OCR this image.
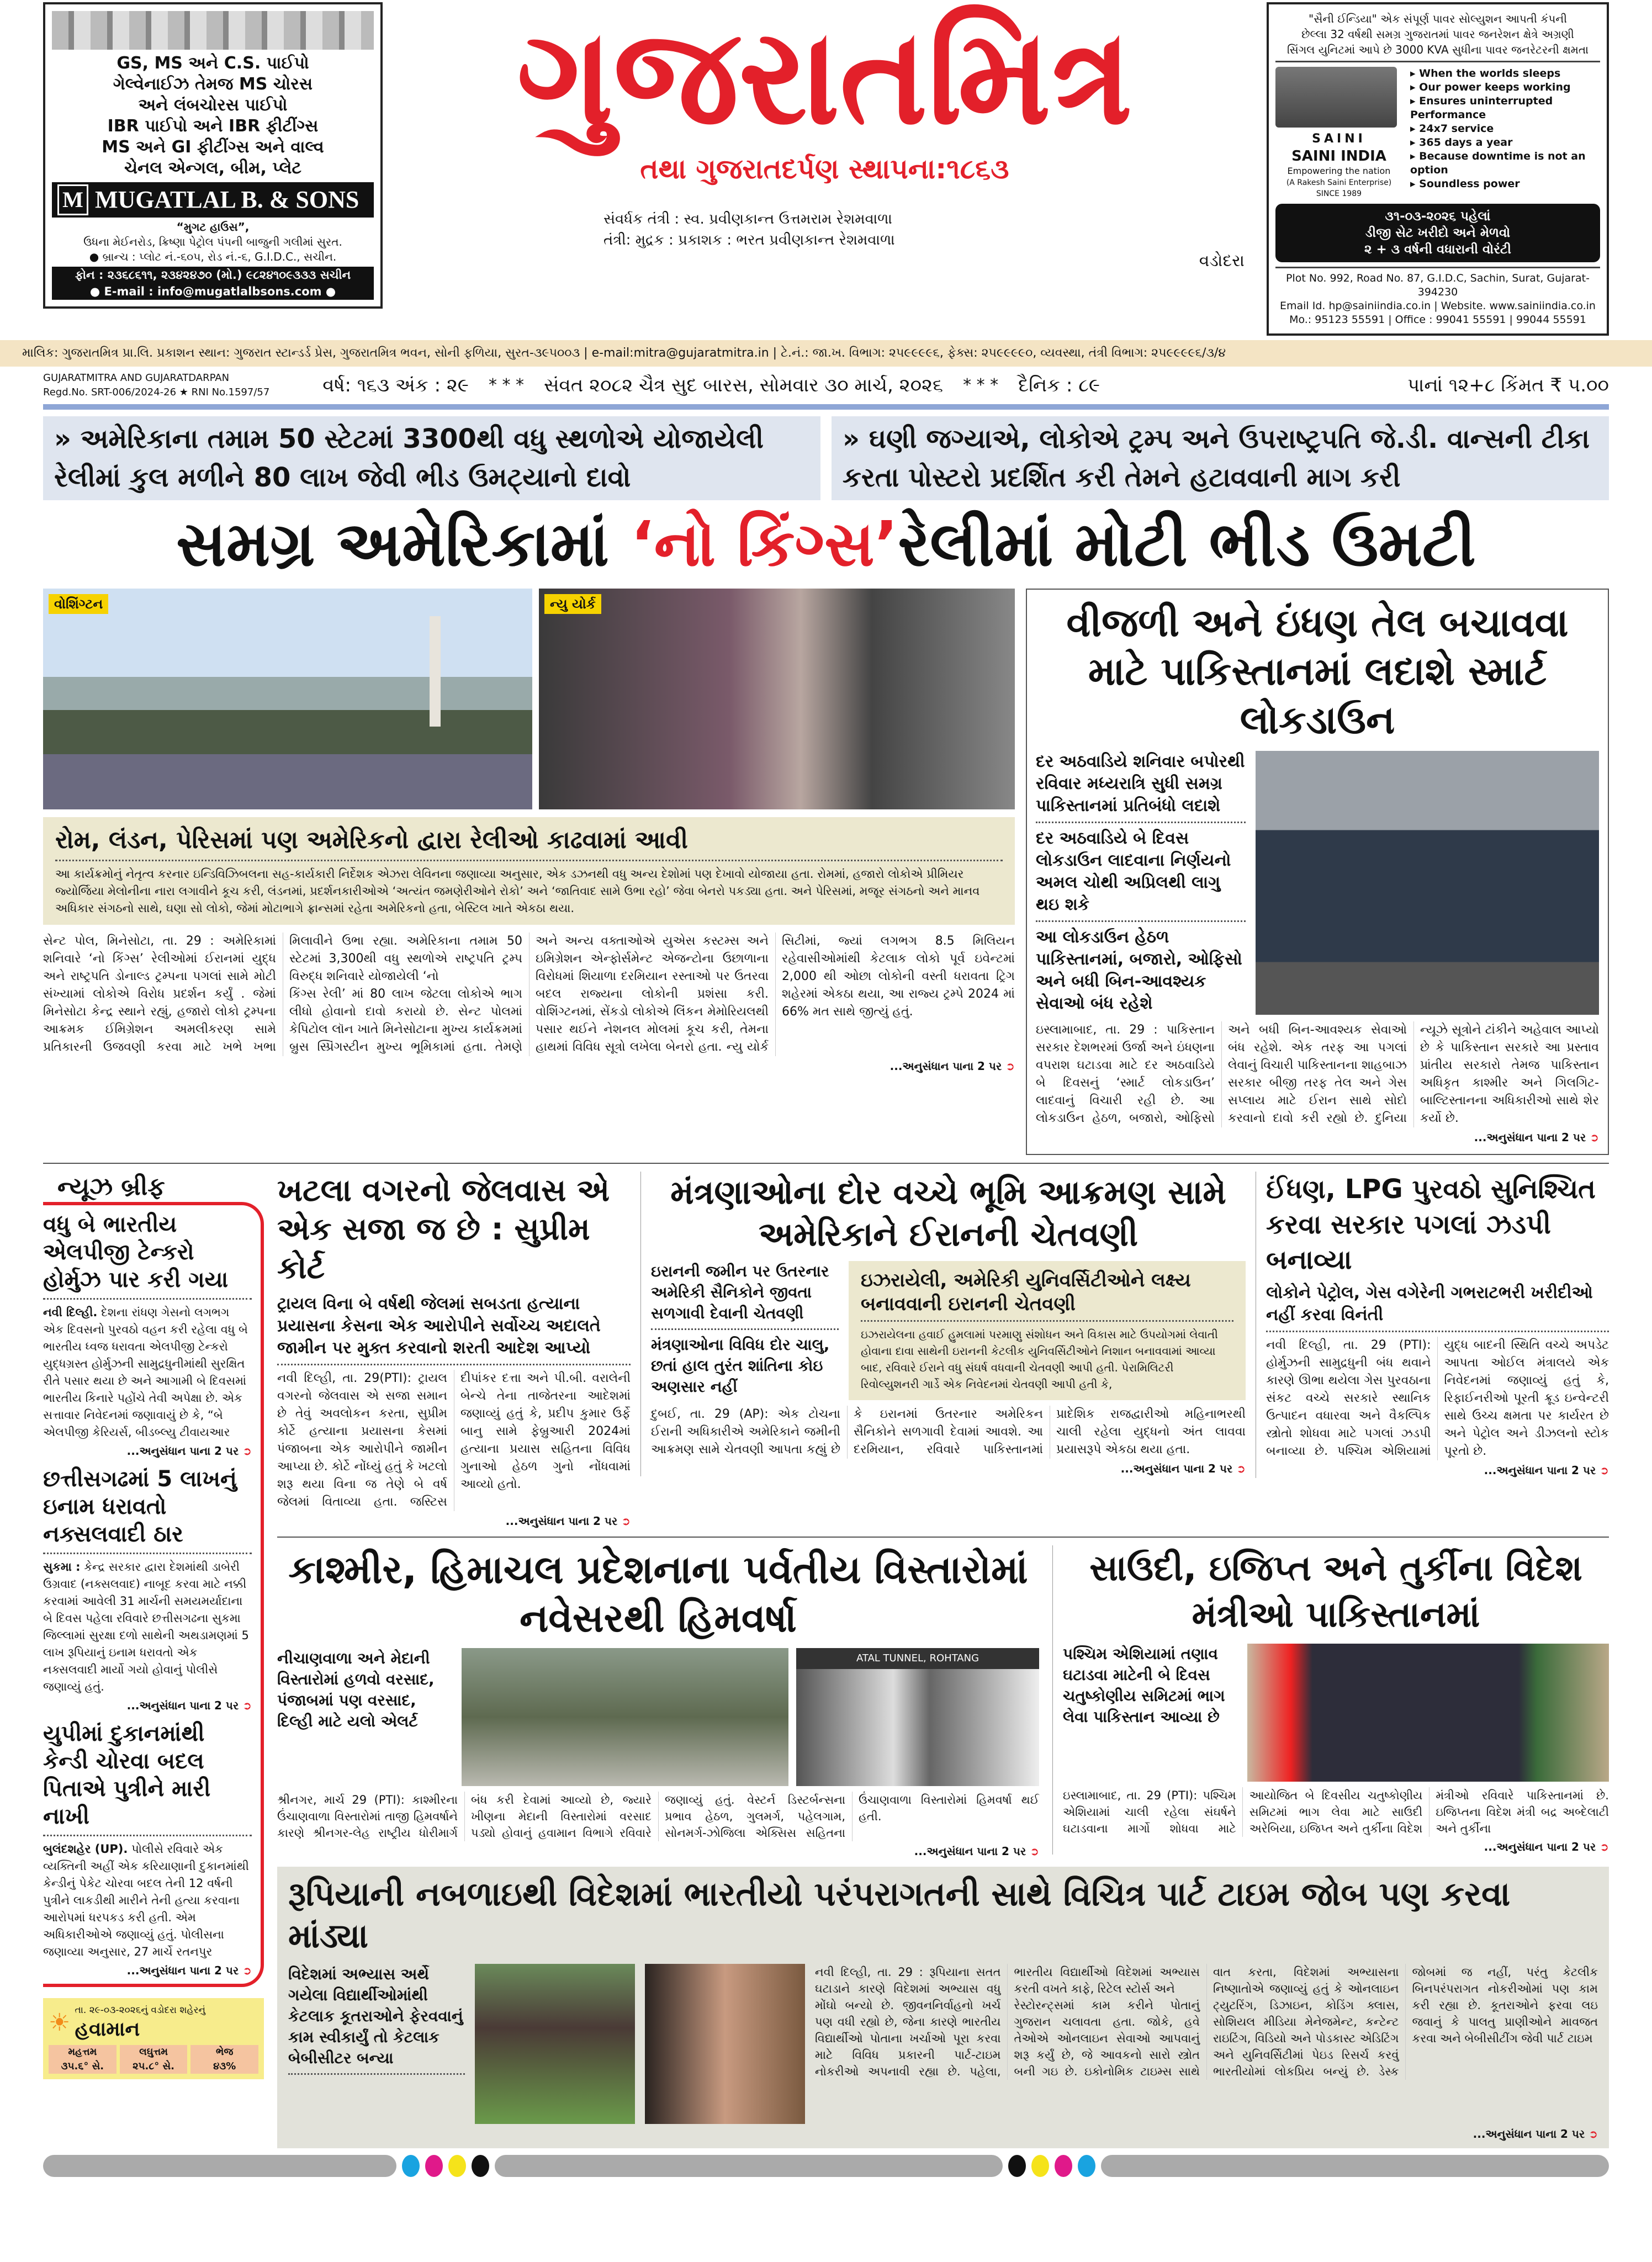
GS, MS અને C.S. પાઈપો
ગેલ્વેનાઈઝ તેમજ MS ચોરસ
અને લંબચોરસ પાઈપો
IBR પાઈપો અને IBR ફીટીંગ્સ
MS અને GI ફીટીંગ્સ અને વાલ્વ
ચેનલ એન્ગલ, બીમ, પ્લેટ
M MUGATLAL B. & SONS
“મુગટ હાઉસ”,
ઉધના મેઈનરોડ, ક્રિષ્ણા પેટ્રોલ પંપની બાજુની ગલીમાં સુરત.
● બ્રાન્ચ : પ્લોટ નં.-૬૦૫, રોડ નં.-૬, G.I.D.C., સચીન.
ફોન : ૨૩૬૮૬૧૧, ૨૩૪૨૪૭૦ (મો.) ૯૮૨૪૧૦૯૩૩૩ સચીન
● E-mail : info@mugatlalbsons.com ●
ગુજરાતમિત્ર
તથા ગુજરાતદર્પણ સ્થાપના:૧૮૬૩
સંવર્ધક તંત્રી : સ્વ. પ્રવીણકાન્ત ઉત્તમરામ રેશમવાળા
તંત્રી: મુદ્રક : પ્રકાશક : ભરત પ્રવીણકાન્ત રેશમવાળા
વડોદરા
"સૈની ઈન્ડિયા" એક સંપૂર્ણ પાવર સોલ્યુશન આપતી કંપની
છેલ્લા 32 વર્ષથી સમગ્ર ગુજરાતમાં પાવર જનરેશન ક્ષેત્રે અગ્રણી
સિંગલ યુનિટમાં આપે છે 3000 KVA સુધીના પાવર જનરેટરની ક્ષમતા
SAINI
SAINI INDIA
Empowering the nation
(A Rakesh Saini Enterprise)
SINCE 1989
▸ When the worlds sleeps
▸ Our power keeps working
▸ Ensures uninterrupted Performance
▸ 24x7 service
▸ 365 days a year
▸ Because downtime is not an option
▸ Soundless power
૩૧-૦૩-૨૦૨૬ પહેલાં
ડીજી સેટ ખરીદો અને મેળવો
૨ + ૩ વર્ષની વધારાની વોરંટી
Plot No. 992, Road No. 87, G.I.D.C, Sachin, Surat, Gujarat-394230
Email Id. hp@sainiindia.co.in | Website. www.sainiindia.co.in
Mo.: 95123 55591 | Office : 99041 55591 | 99044 55591
માલિક: ગુજરાતમિત્ર પ્રા.લિ. પ્રકાશન સ્થાન: ગુજરાત સ્ટાન્ડર્ડ પ્રેસ, ગુજરાતમિત્ર ભવન, સોની ફળિયા, સુરત-૩૯૫૦૦૩ | e-mail:mitra@gujaratmitra.in | ટે.નં.: જા.ખ. વિભાગ: ૨૫૯૯૯૯૬, ફેક્સ: ૨૫૯૯૯૯૦, વ્યવસ્થા, તંત્રી વિભાગ: ૨૫૯૯૯૯૬/૩/૪
GUJARATMITRA AND GUJARATDARPAN
Regd.No. SRT-006/2024-26 ★ RNI No.1597/57	વર્ષ: ૧૬૩ અંક : ૨૯ * * * સંવત ૨૦૮૨ ચૈત્ર સુદ બારસ, સોમવાર ૩૦ માર્ચ, ૨૦૨૬ * * * દૈનિક : ૮૯	પાનાં ૧૨+૮ કિંમત ₹ ૫.૦૦
» અમેરિકાના તમામ 50 સ્ટેટમાં 3300થી વધુ સ્થળોએ યોજાયેલી રેલીમાં કુલ મળીને 80 લાખ જેવી ભીડ ઉમટ્યાનો દાવો
» ઘણી જગ્યાએ, લોકોએ ટ્રમ્પ અને ઉપરાષ્ટ્રપતિ જે.ડી. વાન્સની ટીકા કરતા પોસ્ટરો પ્રદર્શિત કરી તેમને હટાવવાની માગ કરી
સમગ્ર અમેરિકામાં ‘નો કિંગ્સ’રેલીમાં મોટી ભીડ ઉમટી
વોશિંગ્ટન	ન્યુ યોર્ક
રોમ, લંડન, પેરિસમાં પણ અમેરિકનો દ્વારા રેલીઓ કાઢવામાં આવી
આ કાર્યક્રમોનું નેતૃત્વ કરનાર ઇન્ડિવિઝિબલના સહ-કાર્યકારી નિર્દેશક એઝરા લેવિનના જણાવ્યા અનુસાર, એક ડઝનથી વધુ અન્ય દેશોમાં પણ દેખાવો યોજાયા હતા. રોમમાં, હજારો લોકોએ પ્રીમિયર જ્યોર્જિયા મેલોનીના નારા લગાવીને કૂચ કરી, લંડનમાં, પ્રદર્શનકારીઓએ ‘અત્યંત જમણેરીઓને રોકો’ અને ‘જાતિવાદ સામે ઉભા રહો’ જેવા બેનરો પકડ્યા હતા. અને પેરિસમાં, મજૂર સંગઠનો અને માનવ અધિકાર સંગઠનો સાથે, ઘણા સો લોકો, જેમાં મોટાભાગે ફ્રાન્સમાં રહેતા અમેરિકનો હતા, બેસ્ટિલ ખાતે એકઠા થયા.
સેન્ટ પોલ, મિનેસોટા, તા. 29 : અમેરિકામાં શનિવારે ‘નો કિંગ્સ’ રેલીઓમાં ઈરાનમાં યુદ્ધ અને રાષ્ટ્રપતિ ડોનાલ્ડ ટ્રમ્પના પગલાં સામે મોટી સંખ્યામાં લોકોએ વિરોધ પ્રદર્શન કર્યું . જેમાં મિનેસોટા કેન્દ્ર સ્થાને રહ્યું, હજારો લોકો ટ્રમ્પના આક્રમક ઈમિગ્રેશન અમલીકરણ સામે પ્રતિકારની ઉજવણી કરવા માટે ખભે ખભા મિલાવીને ઉભા રહ્યા. અમેરિકાના તમામ 50 સ્ટેટમાં 3,300થી વધુ સ્થળોએ રાષ્ટ્રપતિ ટ્રમ્પ વિરુદ્ધ શનિવારે યોજાયેલી ‘નો
કિંગ્સ રેલી’ માં 80 લાખ જેટલા લોકોએ ભાગ લીધો હોવાનો દાવો કરાયો છે. સેન્ટ પોલમાં કેપિટોલ લૉન ખાતે મિનેસોટાના મુખ્ય કાર્યક્રમમાં બ્રુસ સ્પ્રિંગસ્ટીન મુખ્ય ભૂમિકામાં હતા. તેમણે અને અન્ય વક્તાઓએ યુએસ કસ્ટમ્સ અને ઇમિગ્રેશન એન્ફોર્સમેન્ટ એજન્ટોના ઉછાળાના વિરોધમાં શિયાળા દરમિયાન રસ્તાઓ પર ઉતરવા બદલ રાજ્યના લોકોની પ્રશંસા કરી. વોશિંગ્ટનમાં, સેંકડો લોકોએ લિંકન મેમોરિયલથી પસાર થઈને નેશનલ મોલમાં કૂચ કરી, તેમના હાથમાં વિવિધ સૂત્રો લખેલા બેનરો હતા. ન્યુ યોર્ક સિટીમાં, જ્યાં લગભગ 8.5 મિલિયન રહેવાસીઓમાંથી કેટલાક લોકો પૂર્વ ઇવેન્ટમાં 2,000 થી ઓછા લોકોની વસ્તી ધરાવતા ટ્રિગ શહેરમાં એકઠા થયા, આ રાજ્ય ટ્રમ્પે 2024 માં 66% મત સાથે જીત્યું હતું.
...અનુસંધાન પાના 2 પર ➲
વીજળી અને ઇંધણ તેલ બચાવવા માટે પાકિસ્તાનમાં લદાશે સ્માર્ટ લોકડાઉન
દર અઠવાડિયે શનિવાર બપોરથી રવિવાર મધ્યરાત્રિ સુધી સમગ્ર પાકિસ્તાનમાં પ્રતિબંધો લદાશે
દર અઠવાડિયે બે દિવસ લોકડાઉન લાદવાના નિર્ણયનો અમલ ચોથી અપ્રિલથી લાગુ થઇ શકે
આ લોકડાઉન હેઠળ પાકિસ્તાનમાં, બજારો, ઓફિસો અને બધી બિન-આવશ્યક સેવાઓ બંધ રહેશે
ઇસ્લામાબાદ, તા. 29 : પાકિસ્તાન સરકાર દેશભરમાં ઉર્જા અને ઇંધણના વપરાશ ઘટાડવા માટે દર અઠવાડિયે બે દિવસનું ‘સ્માર્ટ લોકડાઉન’ લાદવાનું વિચારી રહી છે. આ લોકડાઉન હેઠળ, બજારો, ઓફિસો અને બધી બિન-આવશ્યક સેવાઓ બંધ રહેશે. એક તરફ આ પગલાં લેવાનું વિચારી પાકિસ્તાનના શાહબાઝ સરકાર બીજી તરફ તેલ અને ગેસ સપ્લાય માટે ઈરાન સાથે સોદો કરવાનો દાવો કરી રહ્યો છે. દુનિયા ન્યૂઝે સૂત્રોને ટાંકીને અહેવાલ આપ્યો છે કે પાકિસ્તાન સરકારે આ પ્રસ્તાવ પ્રાંતીય સરકારો તેમજ પાકિસ્તાન અધિકૃત કાશ્મીર અને ગિલગિટ-બાલ્ટિસ્તાનના અધિકારીઓ સાથે શેર કર્યો છે.
...અનુસંધાન પાના 2 પર ➲
ન્યૂઝ બ્રીફ
વધુ બે ભારતીય એલપીજી ટેન્કરો હોર્મુઝ પાર કરી ગયા
નવી દિલ્હી. દેશના રાંધણ ગેસનો લગભગ એક દિવસનો પુરવઠો વહન કરી રહેલા વધુ બે ભારતીય ધ્વજ ધરાવતા એલપીજી ટેન્કરો યુદ્ધગ્રસ્ત હોર્મુઝની સામુદ્રધુનીમાંથી સુરક્ષિત રીતે પસાર થયા છે અને આગામી બે દિવસમાં ભારતીય કિનારે પહોંચે તેવી અપેક્ષા છે. એક સત્તાવાર નિવેદનમાં જણાવાયું છે કે, “બે એલપીજી કેરિયર્સ, બીડબ્લ્યુ ટીવાયઆર
...અનુસંધાન પાના 2 પર ➲
છત્તીસગઢમાં 5 લાખનું ઇનામ ધરાવતો નક્સલવાદી ઠાર
સુકમા : કેન્દ્ર સરકાર દ્વારા દેશમાંથી ડાબેરી ઉગ્રવાદ (નક્સલવાદ) નાબૂદ કરવા માટે નક્કી કરવામાં આવેલી 31 માર્ચની સમયમર્યાદાના બે દિવસ પહેલા રવિવારે છત્તીસગઢના સુકમા જિલ્લામાં સુરક્ષા દળો સાથેની અથડામણમાં 5 લાખ રૂપિયાનું ઇનામ ધરાવતો એક નક્સલવાદી માર્યો ગયો હોવાનું પોલીસે જણાવ્યું હતું.
...અનુસંધાન પાના 2 પર ➲
યુપીમાં દુકાનમાંથી કેન્ડી ચોરવા બદલ પિતાએ પુત્રીને મારી નાખી
બુલંદશહેર (UP). પોલીસે રવિવારે એક વ્યક્તિની અહીં એક કરિયાણાની દુકાનમાંથી કેન્ડીનું પેકેટ ચોરવા બદલ તેની 12 વર્ષની પુત્રીને લાકડીથી મારીને તેની હત્યા કરવાના આરોપમાં ધરપકડ કરી હતી. એમ અધિકારીઓએ જણાવ્યું હતું. પોલીસના જણાવ્યા અનુસાર, 27 માર્ચે રતનપુર
...અનુસંધાન પાના 2 પર ➲
☀ તા. ૨૯-૦૩-૨૦૨૬નું વડોદરા શહેરનું
હવામાન
મહત્તમ
૩૫.૬° સે.
લઘુત્તમ
૨૫.૮° સે.
ભેજ
૪૩%
ખટલા વગરનો જેલવાસ એ એક સજા જ છે : સુપ્રીમ કોર્ટ
ટ્રાયલ વિના બે વર્ષથી જેલમાં સબડતા હત્યાના પ્રયાસના કેસના એક આરોપીને સર્વોચ્ચ અદાલતે જામીન પર મુક્ત કરવાનો શરતી આદેશ આપ્યો
નવી દિલ્હી, તા. 29(PTI): ટ્રાયલ વગરનો જેલવાસ એ સજા સમાન છે તેવું અવલોકન કરતા, સુપ્રીમ કોર્ટે હત્યાના પ્રયાસના કેસમાં પંજાબના એક આરોપીને જામીન આપ્યા છે. કોર્ટે નોંધ્યું હતું કે ખટલો શરૂ થયા વિના જ તેણે બે વર્ષ જેલમાં વિતાવ્યા હતા. જસ્ટિસ દીપાંકર દત્તા અને પી.બી. વરાલેની બેન્ચે તેના તાજેતરના આદેશમાં જણાવ્યું હતું કે, પ્રદીપ કુમાર ઉર્ફે બાનુ સામે ફેબ્રુઆરી 2024માં હત્યાના પ્રયાસ સહિતના વિવિધ ગુનાઓ હેઠળ ગુનો નોંધવામાં આવ્યો હતો.
...અનુસંધાન પાના 2 પર ➲
મંત્રણાઓના દોર વચ્ચે ભૂમિ આક્રમણ સામે અમેરિકાને ઈરાનની ચેતવણી
ઇરાનની જમીન પર ઉતરનાર અમેરિકી સૈનિકોને જીવતા સળગાવી દેવાની ચેતવણી
મંત્રણાઓના વિવિધ દોર ચાલુ, છતાં હાલ તુરંત શાંતિના કોઇ અણસાર નહીં
ઇઝરાયેલી, અમેરિકી યુનિવર્સિટીઓને લક્ષ્ય બનાવવાની ઇરાનની ચેતવણી
ઇઝરાયેલના હવાઈ હુમલામાં પરમાણુ સંશોધન અને વિકાસ માટે ઉપયોગમાં લેવાતી હોવાના દાવા સાથેની ઇરાનની કેટલીક યુનિવર્સિટીઓને નિશાન બનાવવામાં આવ્યા બાદ, રવિવારે ઈરાને વધુ સંઘર્ષ વધવાની ચેતવણી આપી હતી. પેરામિલિટરી રિવોલ્યુશનરી ગાર્ડે એક નિવેદનમાં ચેતવણી આપી હતી કે,
દુબઈ, તા. 29 (AP): એક ટોચના ઈરાની અધિકારીએ અમેરિકાને જમીની આક્રમણ સામે ચેતવણી આપતા કહ્યું છે કે ઇરાનમાં ઉતરનાર અમેરિકન સૈનિકોને સળગાવી દેવામાં આવશે. આ દરમિયાન, રવિવારે પાકિસ્તાનમાં પ્રાદેશિક રાજદ્વારીઓ મહિનાભરથી ચાલી રહેલા યુદ્ધનો અંત લાવવા પ્રયાસરૂપે એકઠા થયા હતા.
...અનુસંધાન પાના 2 પર ➲
ઈંધણ, LPG પુરવઠો સુનિશ્ચિત કરવા સરકાર પગલાં ઝડપી બનાવ્યા
લોકોને પેટ્રોલ, ગેસ વગેરેની ગભરાટભરી ખરીદીઓ નહીં કરવા વિનંતી
નવી દિલ્હી, તા. 29 (PTI): હોર્મુઝની સામુદ્રધુની બંધ થવાને કારણે ઊભા થયેલા ગેસ પુરવઠાના સંકટ વચ્ચે સરકારે સ્થાનિક ઉત્પાદન વધારવા અને વૈકલ્પિક સ્ત્રોતો શોધવા માટે પગલાં ઝડપી બનાવ્યા છે. પશ્ચિમ એશિયામાં યુદ્ધ બાદની સ્થિતિ વચ્ચે અપડેટ આપતા ઓઈલ મંત્રાલયે એક નિવેદનમાં જણાવ્યું હતું કે, રિફાઈનરીઓ પૂરતી ક્રૂડ ઇન્વેન્ટરી સાથે ઉચ્ચ ક્ષમતા પર કાર્યરત છે અને પેટ્રોલ અને ડીઝલનો સ્ટોક પૂરતો છે.
...અનુસંધાન પાના 2 પર ➲
કાશ્મીર, હિમાચલ પ્રદેશનાના પર્વતીય વિસ્તારોમાં નવેસરથી હિમવર્ષા
નીચાણવાળા અને મેદાની વિસ્તારોમાં હળવો વરસાદ, પંજાબમાં પણ વરસાદ, દિલ્હી માટે યલો એલર્ટ
ATAL TUNNEL, ROHTANG
શ્રીનગર, માર્ચ 29 (PTI): કાશ્મીરના ઉંચાણવાળા વિસ્તારોમાં તાજી હિમવર્ષાને કારણે શ્રીનગર-લેહ રાષ્ટ્રીય ધોરીમાર્ગ બંધ કરી દેવામાં આવ્યો છે, જ્યારે ખીણના મેદાની વિસ્તારોમાં વરસાદ પડ્યો હોવાનું હવામાન વિભાગે રવિવારે જણાવ્યું હતું. વેસ્ટર્ન ડિસ્ટર્બન્સના પ્રભાવ હેઠળ, ગુલમર્ગ, પહેલગામ, સોનમર્ગ-ઝોજિલા એક્સિસ સહિતના ઉંચાણવાળા વિસ્તારોમાં હિમવર્ષા થઈ હતી.
...અનુસંધાન પાના 2 પર ➲
સાઉદી, ઇજિપ્ત અને તુર્કીના વિદેશ મંત્રીઓ પાકિસ્તાનમાં
પશ્ચિમ એશિયામાં તણાવ ઘટાડવા માટેની બે દિવસ ચતુષ્કોણીય સમિટમાં ભાગ લેવા પાકિસ્તાન આવ્યા છે
ઇસ્લામાબાદ, તા. 29 (PTI): પશ્ચિમ એશિયામાં ચાલી રહેલા સંઘર્ષને ઘટાડવાના માર્ગો શોધવા માટે આયોજિત બે દિવસીય ચતુષ્કોણીય સમિટમાં ભાગ લેવા માટે સાઉદી અરેબિયા, ઇજિપ્ત અને તુર્કીના વિદેશ મંત્રીઓ રવિવારે પાકિસ્તાનમાં છે. ઇજિપ્તના વિદેશ મંત્રી બદ્ર અબ્દેલાટી અને તુર્કીના
...અનુસંધાન પાના 2 પર ➲
રૂપિયાની નબળાઇથી વિદેશમાં ભારતીયો પરંપરાગતની સાથે વિચિત્ર પાર્ટ ટાઇમ જોબ પણ કરવા માંડ્યા
વિદેશમાં અભ્યાસ અર્થે ગયેલા વિદ્યાર્થીઓમાંથી કેટલાક કૂતરાઓને ફેરવવાનું કામ સ્વીકાર્યું તો કેટલાક બેબીસીટર બન્યા
નવી દિલ્હી, તા. 29 : રૂપિયાના સતત ઘટાડાને કારણે વિદેશમાં અભ્યાસ વધુ મોંઘો બન્યો છે. જીવનનિર્વાહનો ખર્ચ પણ વધી રહ્યો છે, જેના કારણે ભારતીય વિદ્યાર્થીઓ પોતાના ખર્ચાઓ પૂરા કરવા માટે વિવિધ પ્રકારની પાર્ટ-ટાઇમ નોકરીઓ અપનાવી રહ્યા છે. પહેલા, ભારતીય વિદ્યાર્થીઓ વિદેશમાં અભ્યાસ કરતી વખતે કાફે, રિટેલ સ્ટોર્સ અને
રેસ્ટોરન્ટ્સમાં કામ કરીને પોતાનું ગુજરાન ચલાવતા હતા. જોકે, હવે તેઓએ ઓનલાઇન સેવાઓ આપવાનું શરૂ કર્યું છે, જે આવકનો સારો સ્ત્રોત બની ગઇ છે. ઇકોનોમિક ટાઇમ્સ સાથે વાત કરતા, વિદેશમાં અભ્યાસના નિષ્ણાતોએ જણાવ્યું હતું કે ઓનલાઇન ટ્યુટરિંગ, ડિઝાઇન, કોડિંગ ક્લાસ, સોશિયલ મીડિયા મેનેજમેન્ટ, કન્ટેન્ટ રાઇટિંગ, વિડિયો અને પોડકાસ્ટ એડિટિંગ અને યુનિવર્સિટીમાં પેઇડ રિસર્ચ કરવું ભારતીયોમાં લોકપ્રિય બન્યું છે. ડેસ્ક જોબમાં જ નહીં, પરંતુ કેટલીક બિનપરંપરાગત નોકરીઓમાં પણ કામ કરી રહ્યા છે. કૂતરાઓને ફરવા લઇ જવાનું કે પાલતુ પ્રાણીઓને માવજત કરવા અને બેબીસીટીંગ જેવી પાર્ટ ટાઇમ
...અનુસંધાન પાના 2 પર ➲
